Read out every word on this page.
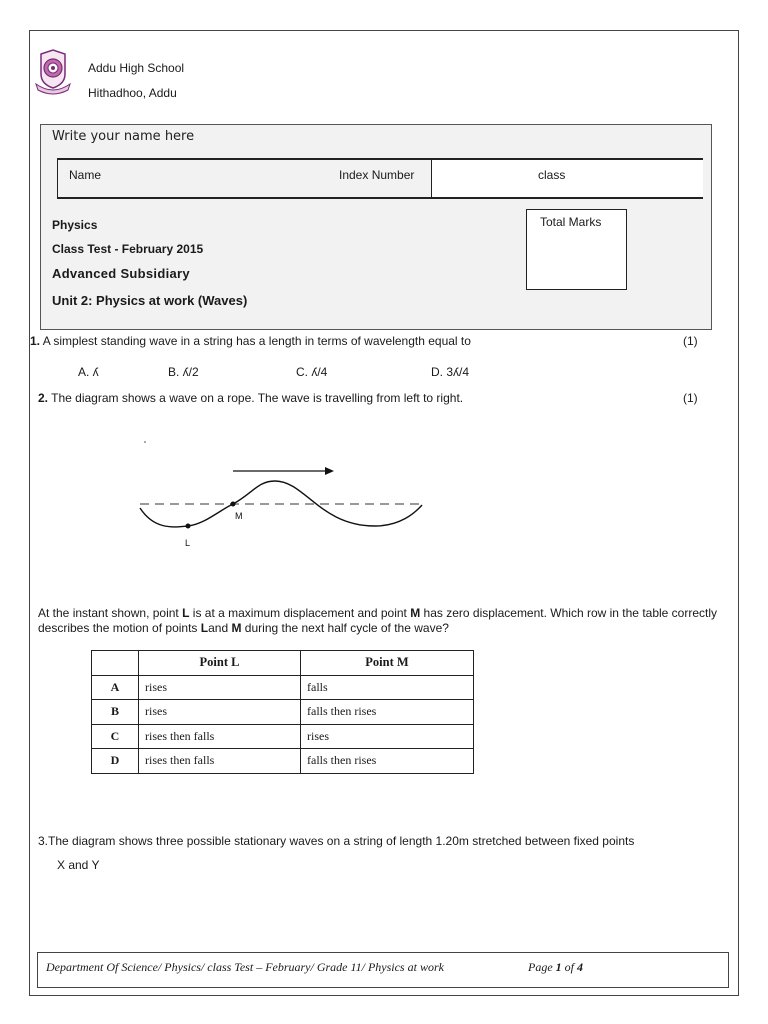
Addu High School
Hithadhoo, Addu
Write your name here
Name	Index Number	class
Physics
Class Test - February 2015
Advanced Subsidiary
Unit 2: Physics at work (Waves)
Total Marks
1. A simplest standing wave in a string has a length in terms of wavelength equal to	(1)
A. ʎ	B. ʎ/2	C. ʎ/4	D. 3ʎ/4
2. The diagram shows a wave on a rope. The wave is travelling from left to right.	(1)
L
M
At the instant shown, point L is at a maximum displacement and point M has zero displacement. Which row in the table correctly describes the motion of points Land M during the next half cycle of the wave?
	Point L	Point M
A	rises	falls
B	rises	falls then rises
C	rises then falls	rises
D	rises then falls	falls then rises
3.The diagram shows three possible stationary waves on a string of length 1.20m stretched between fixed points
X and Y
Department Of Science/ Physics/ class Test – February/ Grade 11/ Physics at work	Page 1 of 4
